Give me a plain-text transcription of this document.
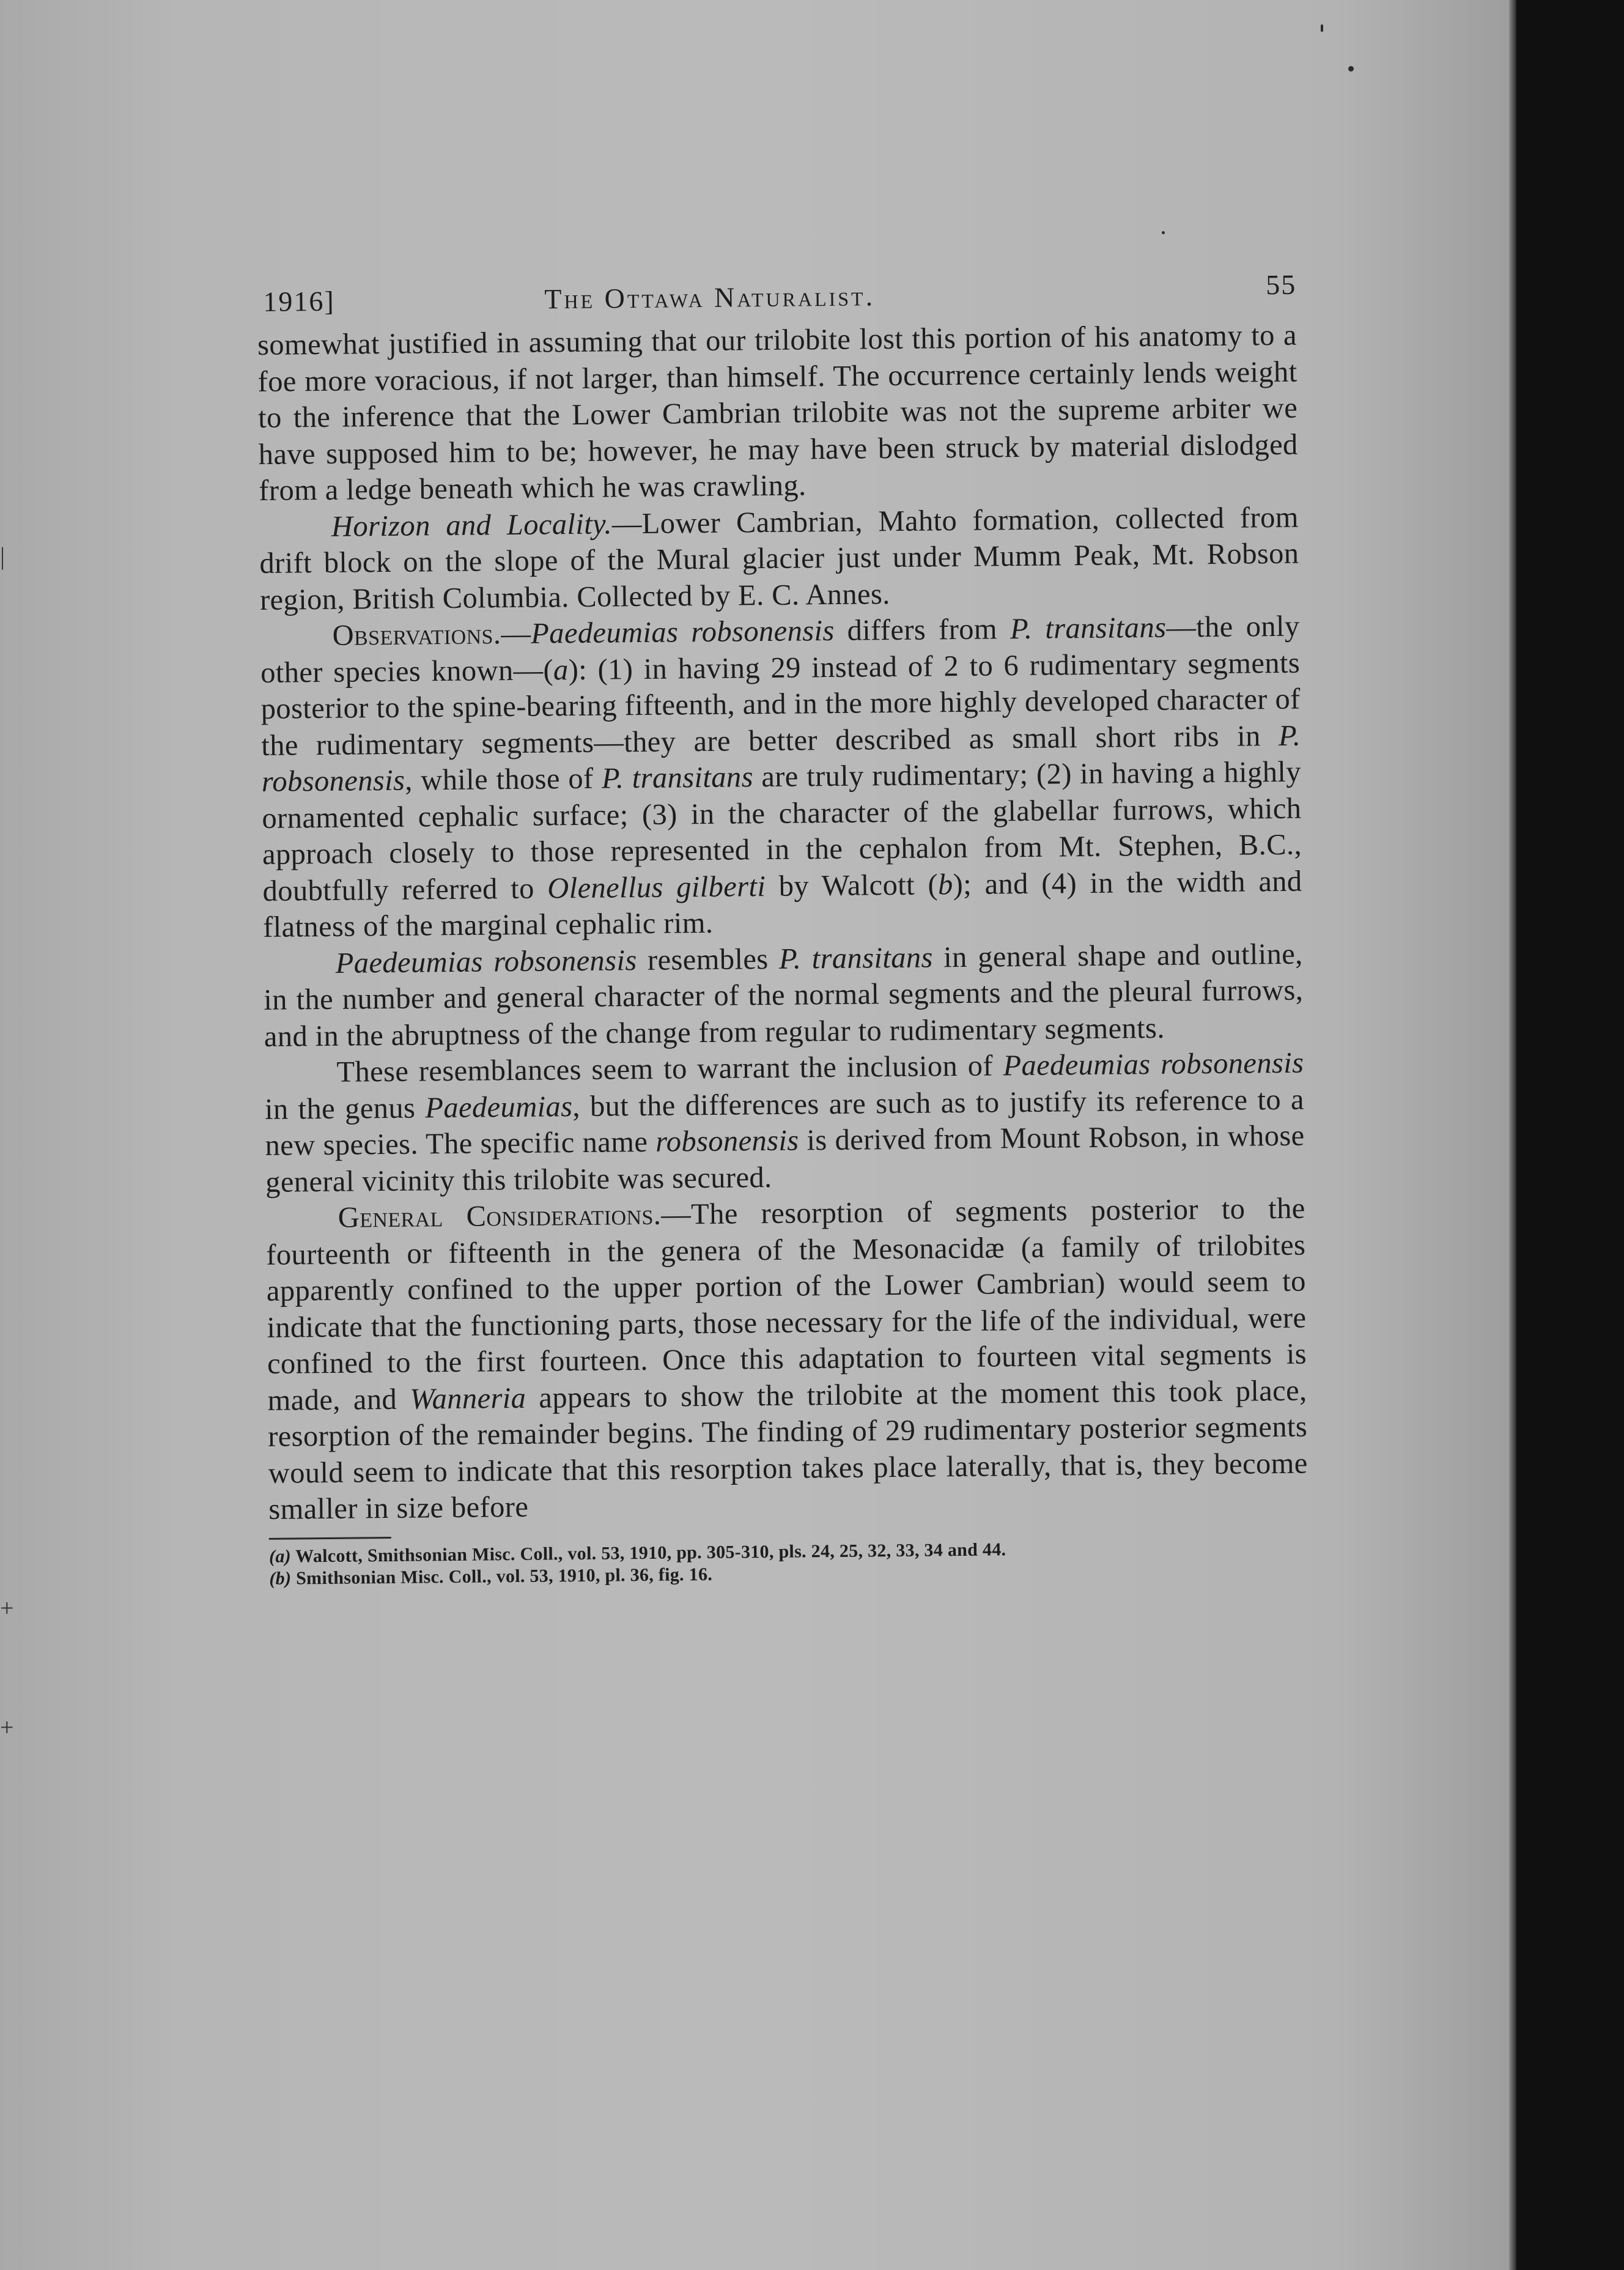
|
+
+
1916]	The Ottawa Naturalist.	55

somewhat justified in assuming that our trilobite lost this portion of his anatomy to a foe more voracious, if not larger, than himself. The occurrence certainly lends weight to the inference that the Lower Cambrian trilobite was not the supreme arbiter we have supposed him to be; however, he may have been struck by material dislodged from a ledge beneath which he was crawling.

Horizon and Locality.—Lower Cambrian, Mahto formation, collected from drift block on the slope of the Mural glacier just under Mumm Peak, Mt. Robson region, British Columbia. Collected by E. C. Annes.

Observations.—Paedeumias robsonensis differs from P. transitans—the only other species known—(a): (1) in having 29 instead of 2 to 6 rudimentary segments posterior to the spine-bearing fifteenth, and in the more highly developed character of the rudimentary segments—they are better described as small short ribs in P. robsonensis, while those of P. transitans are truly rudimentary; (2) in having a highly ornamented cephalic surface; (3) in the character of the glabellar furrows, which approach closely to those represented in the cephalon from Mt. Stephen, B.C., doubtfully referred to Olenellus gilberti by Walcott (b); and (4) in the width and flatness of the marginal cephalic rim.

Paedeumias robsonensis resembles P. transitans in general shape and outline, in the number and general character of the normal segments and the pleural furrows, and in the abruptness of the change from regular to rudimentary segments.

These resemblances seem to warrant the inclusion of Paedeumias robsonensis in the genus Paedeumias, but the differences are such as to justify its reference to a new species. The specific name robsonensis is derived from Mount Robson, in whose general vicinity this trilobite was secured.

General Considerations.—The resorption of segments posterior to the fourteenth or fifteenth in the genera of the Mesonacidæ (a family of trilobites apparently confined to the upper portion of the Lower Cambrian) would seem to indicate that the functioning parts, those necessary for the life of the individual, were confined to the first fourteen. Once this adaptation to fourteen vital segments is made, and Wanneria appears to show the trilobite at the moment this took place, resorption of the remainder begins. The finding of 29 rudimentary posterior segments would seem to indicate that this resorption takes place laterally, that is, they become smaller in size before

(a) Walcott, Smithsonian Misc. Coll., vol. 53, 1910, pp. 305-310, pls. 24, 25, 32, 33, 34 and 44.
(b) Smithsonian Misc. Coll., vol. 53, 1910, pl. 36, fig. 16.
